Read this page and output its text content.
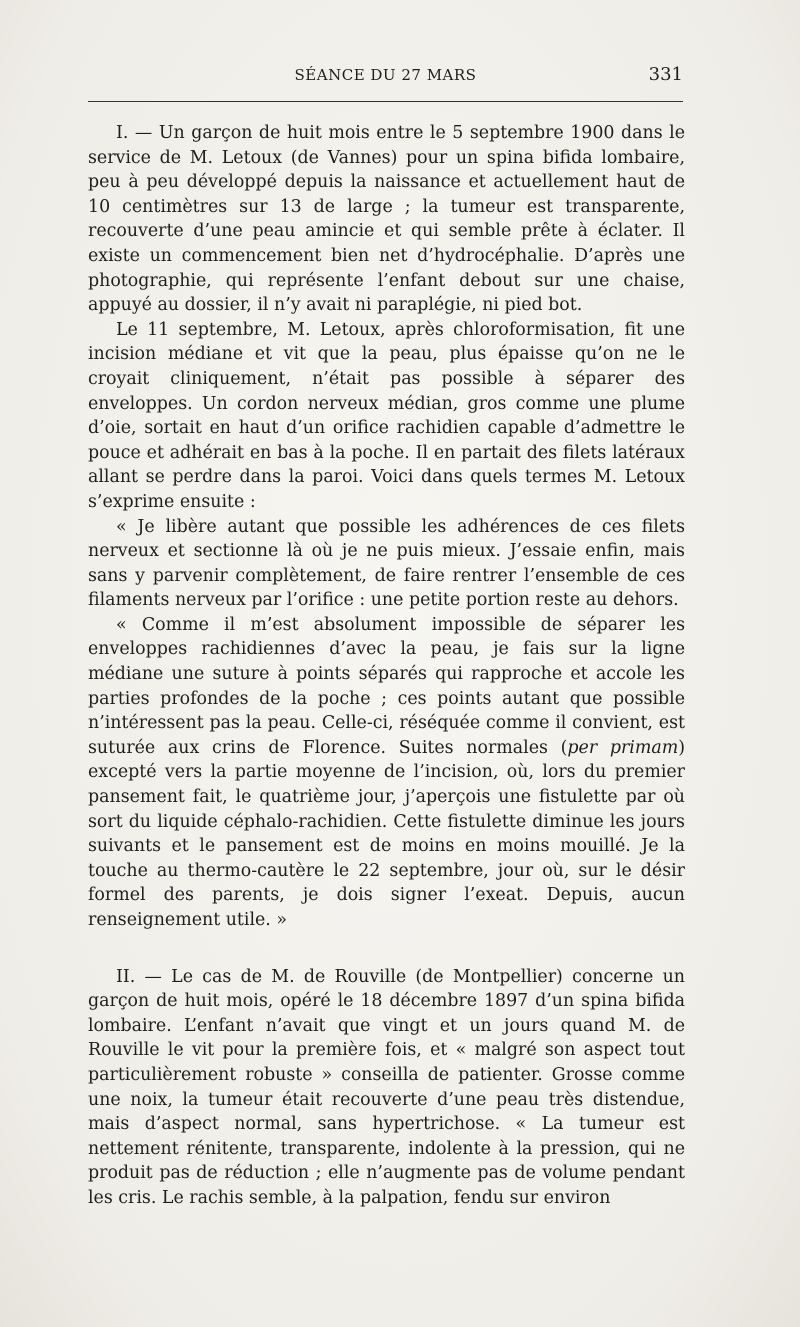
SÉANCE DU 27 MARS	331

I. — Un garçon de huit mois entre le 5 septembre 1900 dans le service de M. Letoux (de Vannes) pour un spina bifida lombaire, peu à peu développé depuis la naissance et actuellement haut de 10 centimètres sur 13 de large ; la tumeur est transparente, recouverte d’une peau amincie et qui semble prête à éclater. Il existe un commencement bien net d’hydrocéphalie. D’après une photographie, qui représente l’enfant debout sur une chaise, appuyé au dossier, il n’y avait ni paraplégie, ni pied bot.

Le 11 septembre, M. Letoux, après chloroformisation, fit une incision médiane et vit que la peau, plus épaisse qu’on ne le croyait cliniquement, n’était pas possible à séparer des enveloppes. Un cordon nerveux médian, gros comme une plume d’oie, sortait en haut d’un orifice rachidien capable d’admettre le pouce et adhérait en bas à la poche. Il en partait des filets latéraux allant se perdre dans la paroi. Voici dans quels termes M. Letoux s’exprime ensuite :

« Je libère autant que possible les adhérences de ces filets nerveux et sectionne là où je ne puis mieux. J’essaie enfin, mais sans y parvenir complètement, de faire rentrer l’ensemble de ces filaments nerveux par l’orifice : une petite portion reste au dehors.

« Comme il m’est absolument impossible de séparer les enveloppes rachidiennes d’avec la peau, je fais sur la ligne médiane une suture à points séparés qui rapproche et accole les parties profondes de la poche ; ces points autant que possible n’intéressent pas la peau. Celle-ci, réséquée comme il convient, est suturée aux crins de Florence. Suites normales (per primam) excepté vers la partie moyenne de l’incision, où, lors du premier pansement fait, le quatrième jour, j’aperçois une fistulette par où sort du liquide céphalo-rachidien. Cette fistulette diminue les jours suivants et le pansement est de moins en moins mouillé. Je la touche au thermo-cautère le 22 septembre, jour où, sur le désir formel des parents, je dois signer l’exeat. Depuis, aucun renseignement utile. »

II. — Le cas de M. de Rouville (de Montpellier) concerne un garçon de huit mois, opéré le 18 décembre 1897 d’un spina bifida lombaire. L’enfant n’avait que vingt et un jours quand M. de Rouville le vit pour la première fois, et « malgré son aspect tout particulièrement robuste » conseilla de patienter. Grosse comme une noix, la tumeur était recouverte d’une peau très distendue, mais d’aspect normal, sans hypertrichose. « La tumeur est nettement rénitente, transparente, indolente à la pression, qui ne produit pas de réduction ; elle n’augmente pas de volume pendant les cris. Le rachis semble, à la palpation, fendu sur environ
